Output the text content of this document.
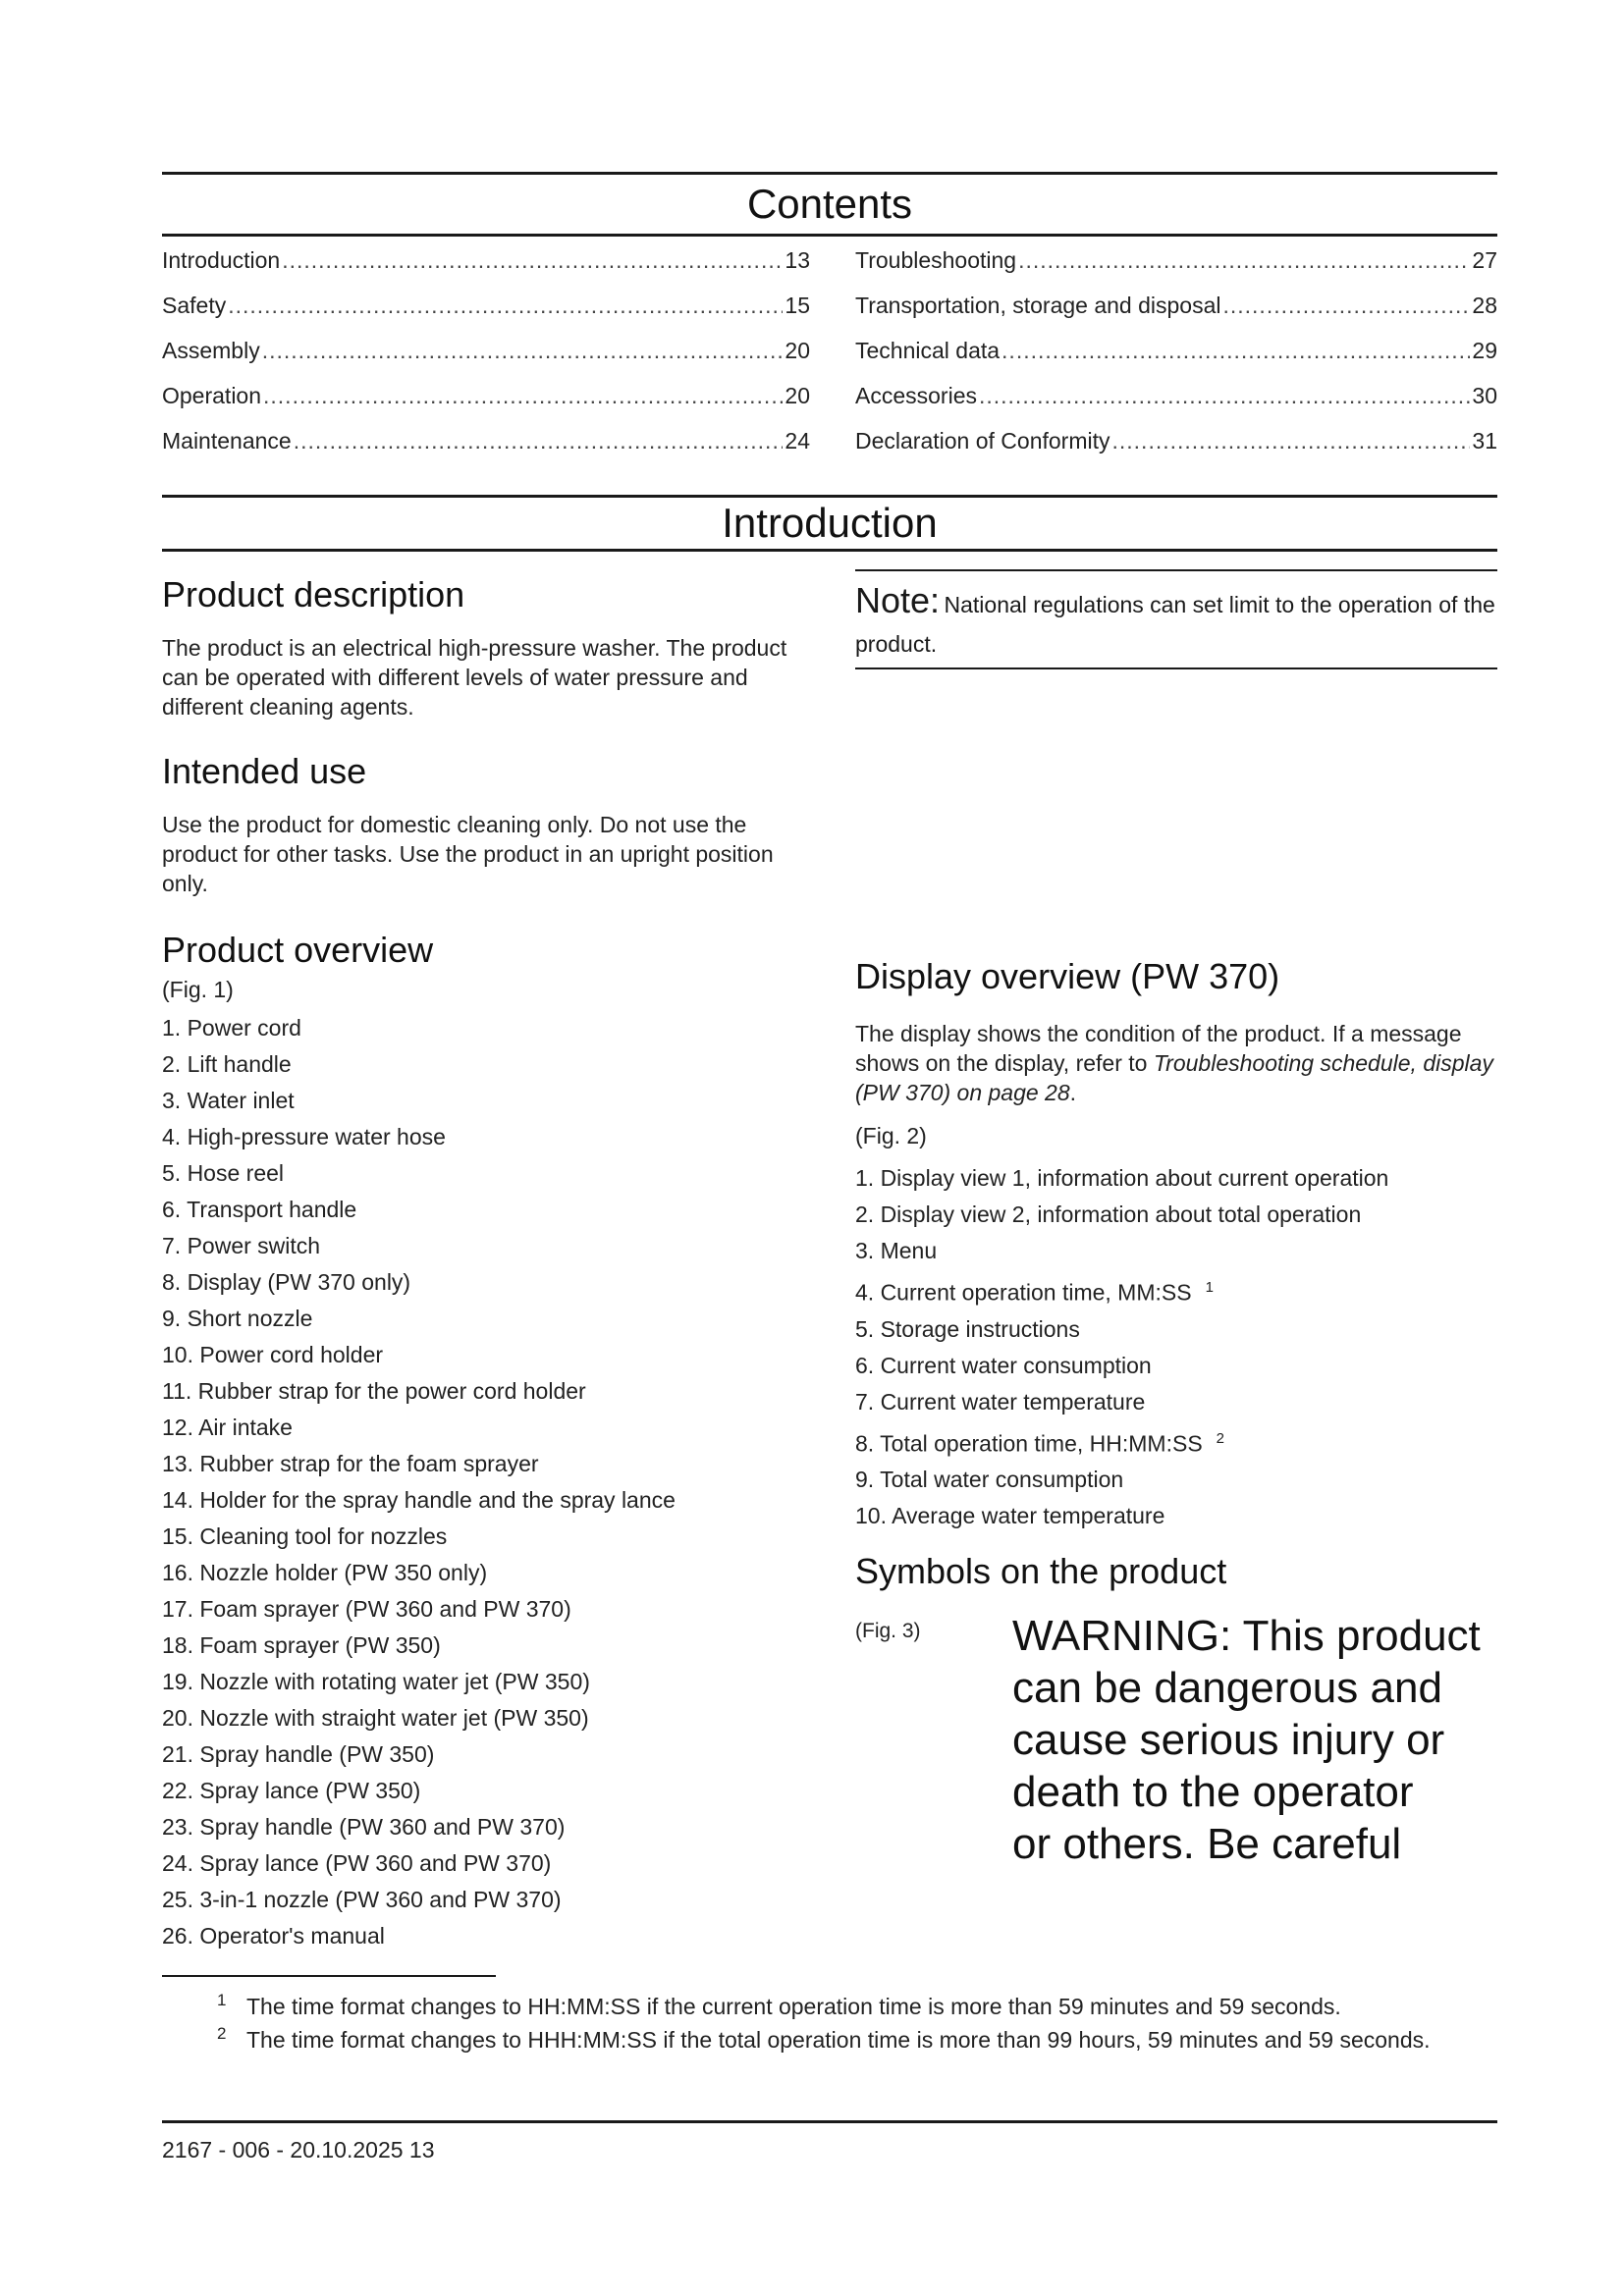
Contents
Introduction .....	13
Safety .....	15
Assembly .....	20
Operation .....	20
Maintenance .....	24
Troubleshooting .....	27
Transportation, storage and disposal .....	28
Technical data .....	29
Accessories .....	30
Declaration of Conformity .....	31
Introduction
Product description

The product is an electrical high-pressure washer. The product can be operated with different levels of water pressure and different cleaning agents.

Intended use

Use the product for domestic cleaning only. Do not use the product for other tasks. Use the product in an upright position only.

Product overview

(Fig. 1)

1. Power cord
2. Lift handle
3. Water inlet
4. High-pressure water hose
5. Hose reel
6. Transport handle
7. Power switch
8. Display (PW 370 only)
9. Short nozzle
10. Power cord holder
11. Rubber strap for the power cord holder
12. Air intake
13. Rubber strap for the foam sprayer
14. Holder for the spray handle and the spray lance
15. Cleaning tool for nozzles
16. Nozzle holder (PW 350 only)
17. Foam sprayer (PW 360 and PW 370)
18. Foam sprayer (PW 350)
19. Nozzle with rotating water jet (PW 350)
20. Nozzle with straight water jet (PW 350)
21. Spray handle (PW 350)
22. Spray lance (PW 350)
23. Spray handle (PW 360 and PW 370)
24. Spray lance (PW 360 and PW 370)
25. 3-in-1 nozzle (PW 360 and PW 370)
26. Operator's manual
Note: National regulations can set limit to the operation of the product.
Display overview (PW 370)

The display shows the condition of the product. If a message shows on the display, refer to Troubleshooting schedule, display (PW 370) on page 28.

(Fig. 2)

1. Display view 1, information about current operation
2. Display view 2, information about total operation
3. Menu
4. Current operation time, MM:SS $^1$
5. Storage instructions
6. Current water consumption
7. Current water temperature
8. Total operation time, HH:MM:SS $^2$
9. Total water consumption
10. Average water temperature
Symbols on the product
(Fig. 3) WARNING: This product
can be dangerous and
cause serious injury or
death to the operator
or others. Be careful
1 The time format changes to HH:MM:SS if the current operation time is more than 59 minutes and 59 seconds.
2 The time format changes to HHH:MM:SS if the total operation time is more than 99 hours, 59 minutes and 59 seconds.
2167 - 006 - 20.10.2025 13
